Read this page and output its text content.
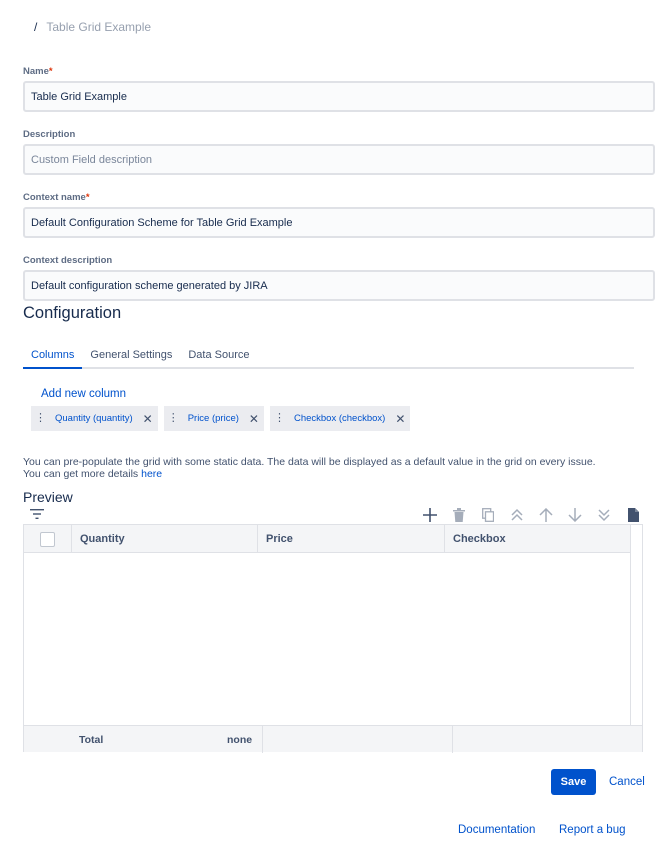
/ Table Grid Example
Name*
Table Grid Example
Description
Custom Field description
Context name*
Default Configuration Scheme for Table Grid Example
Context description
Default configuration scheme generated by JIRA
Configuration
Columns	General Settings	Data Source
Add new column
⋮ Quantity (quantity) ✕ ⋮ Price (price) ✕ ⋮ Checkbox (checkbox) ✕
You can pre-populate the grid with some static data. The data will be displayed as a default value in the grid on every issue.
You can get more details here
Preview
Quantity	Price	Checkbox
Total	none
Save	Cancel
Documentation Report a bug
